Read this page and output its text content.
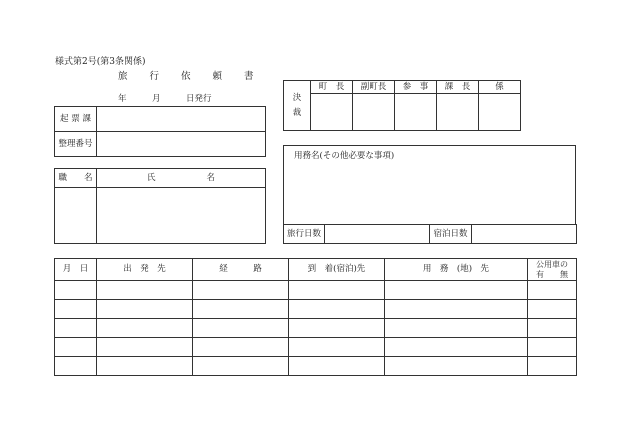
様式第2号(第3条関係)
旅　　行　　依　　頼　　書
年　　　月　　　日発行
起 票 課	
整理番号	
職　　名	氏　　　　　　名

決
裁	町　長	副町長	参　事	課　長	係

用務名(その他必要な事項)
旅行日数		宿泊日数	
月　日	出　発　先	経　　　路	到　着(宿泊)先	用　務　(地)　先	公用車の
有　　無
